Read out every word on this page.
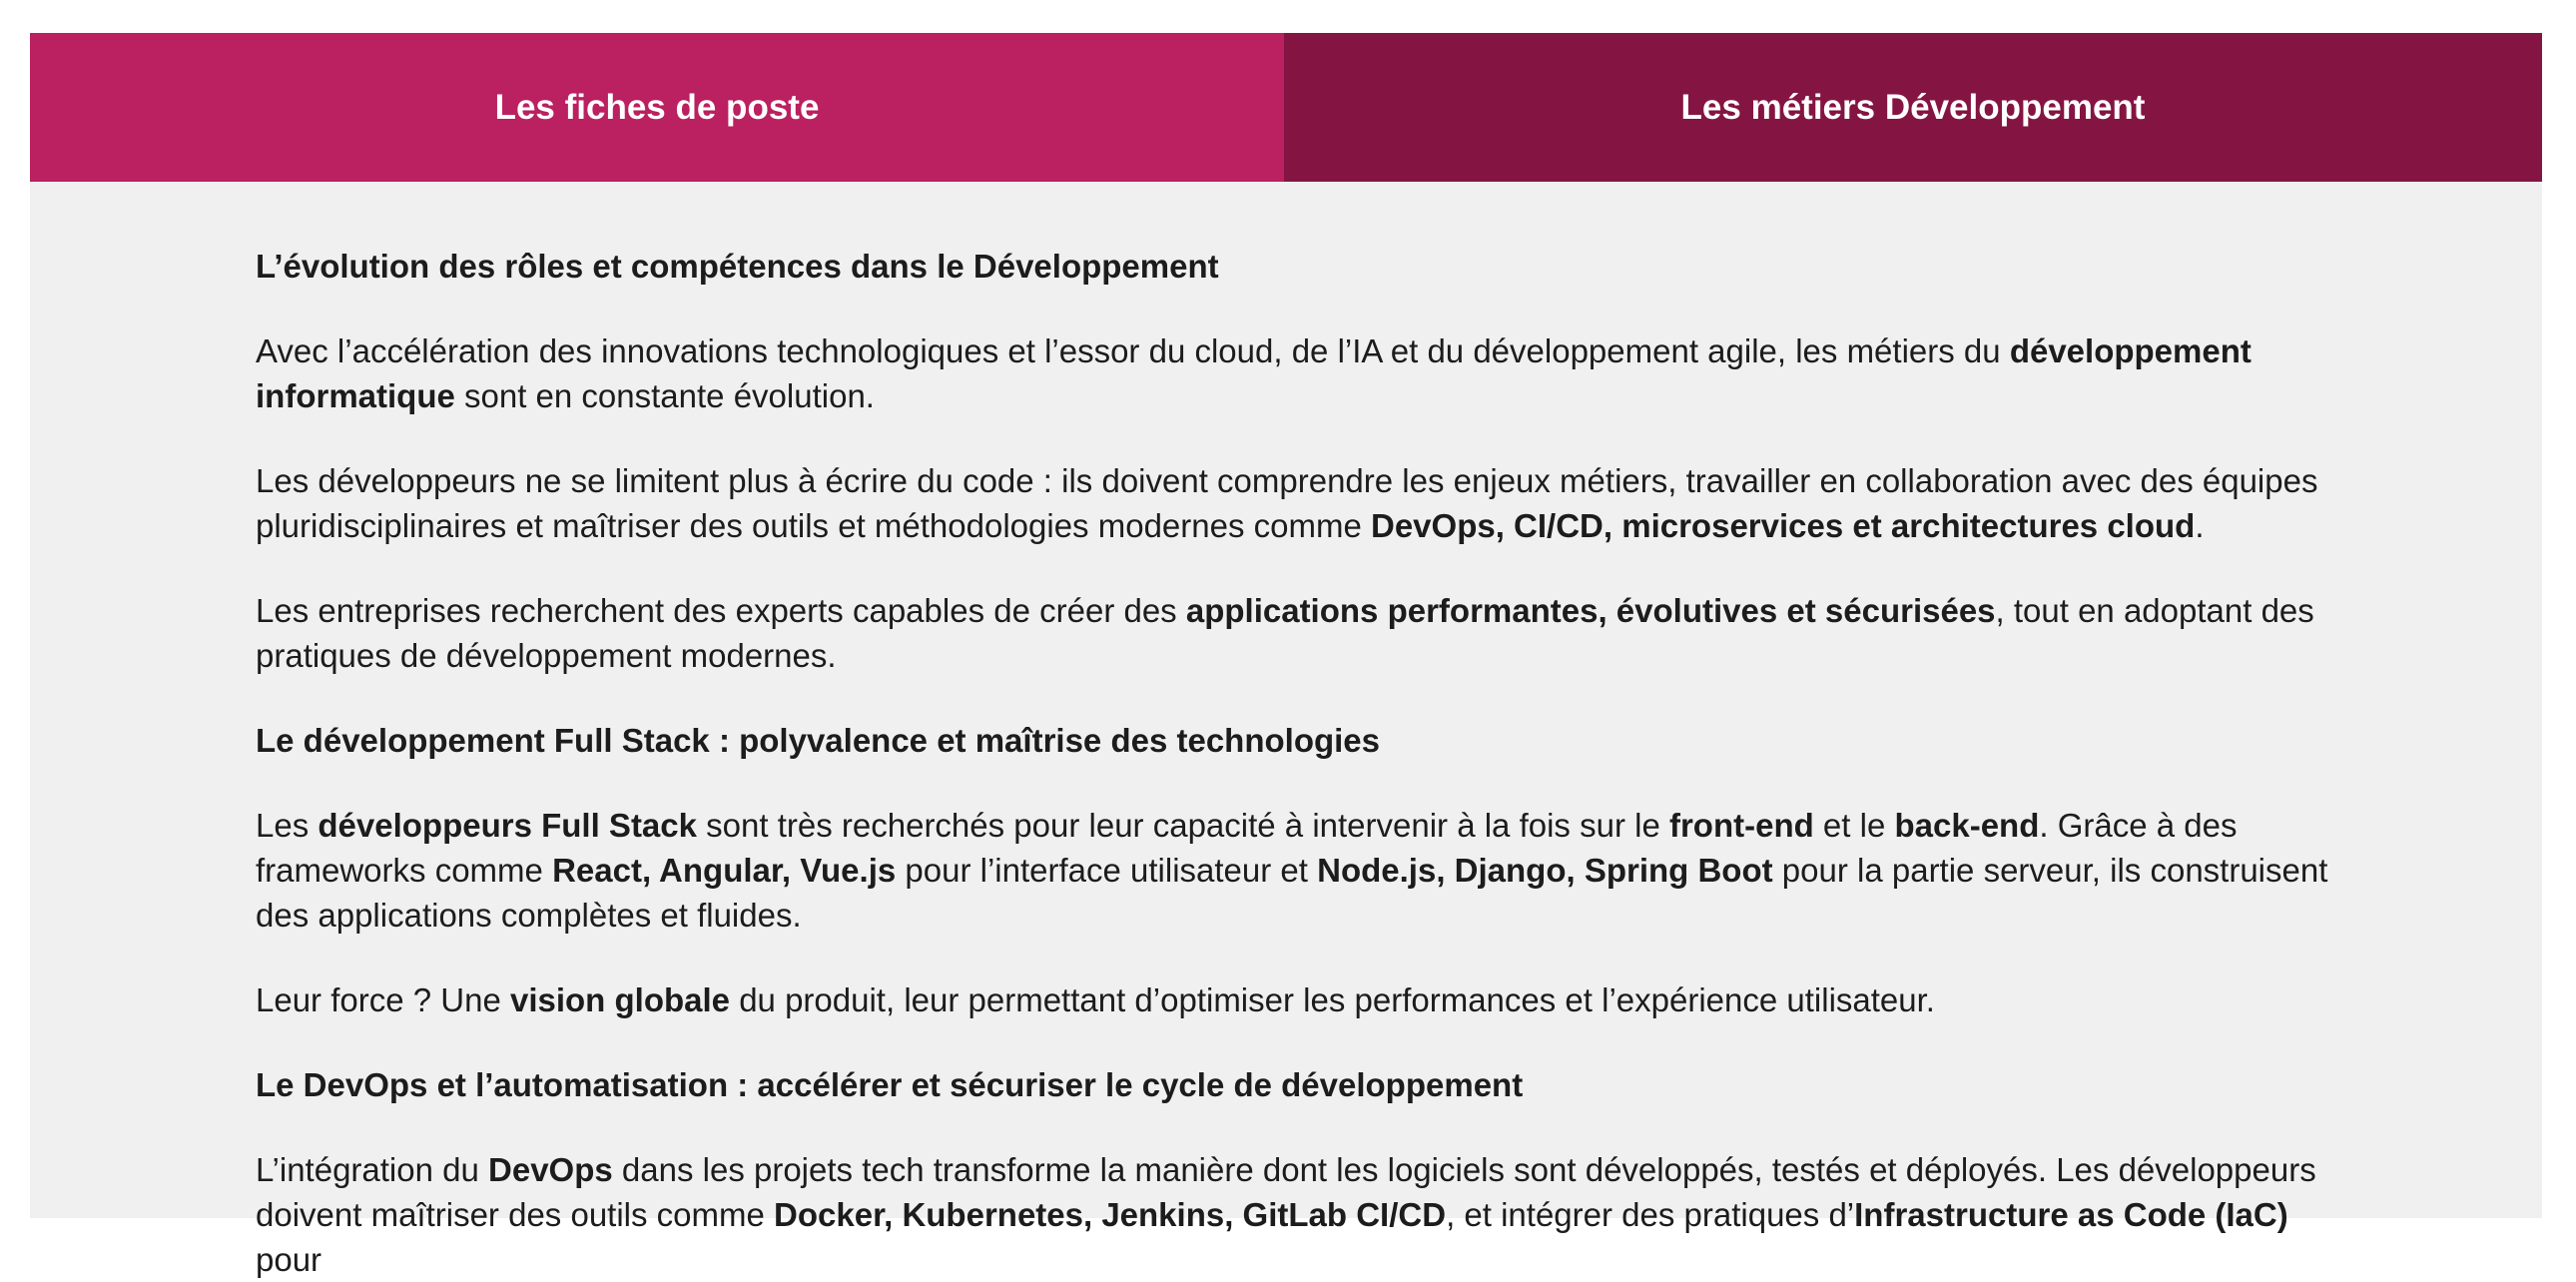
Les fiches de poste	Les métiers Développement
L’évolution des rôles et compétences dans le Développement

Avec l’accélération des innovations technologiques et l’essor du cloud, de l’IA et du développement agile, les métiers du développement informatique sont en constante évolution.

Les développeurs ne se limitent plus à écrire du code : ils doivent comprendre les enjeux métiers, travailler en collaboration avec des équipes pluridisciplinaires et maîtriser des outils et méthodologies modernes comme DevOps, CI/CD, microservices et architectures cloud.

Les entreprises recherchent des experts capables de créer des applications performantes, évolutives et sécurisées, tout en adoptant des pratiques de développement modernes.

Le développement Full Stack : polyvalence et maîtrise des technologies

Les développeurs Full Stack sont très recherchés pour leur capacité à intervenir à la fois sur le front-end et le back-end. Grâce à des frameworks comme React, Angular, Vue.js pour l’interface utilisateur et Node.js, Django, Spring Boot pour la partie serveur, ils construisent des applications complètes et fluides.

Leur force ? Une vision globale du produit, leur permettant d’optimiser les performances et l’expérience utilisateur.

Le DevOps et l’automatisation : accélérer et sécuriser le cycle de développement

L’intégration du DevOps dans les projets tech transforme la manière dont les logiciels sont développés, testés et déployés. Les développeurs doivent maîtriser des outils comme Docker, Kubernetes, Jenkins, GitLab CI/CD, et intégrer des pratiques d’Infrastructure as Code (IaC) pour
